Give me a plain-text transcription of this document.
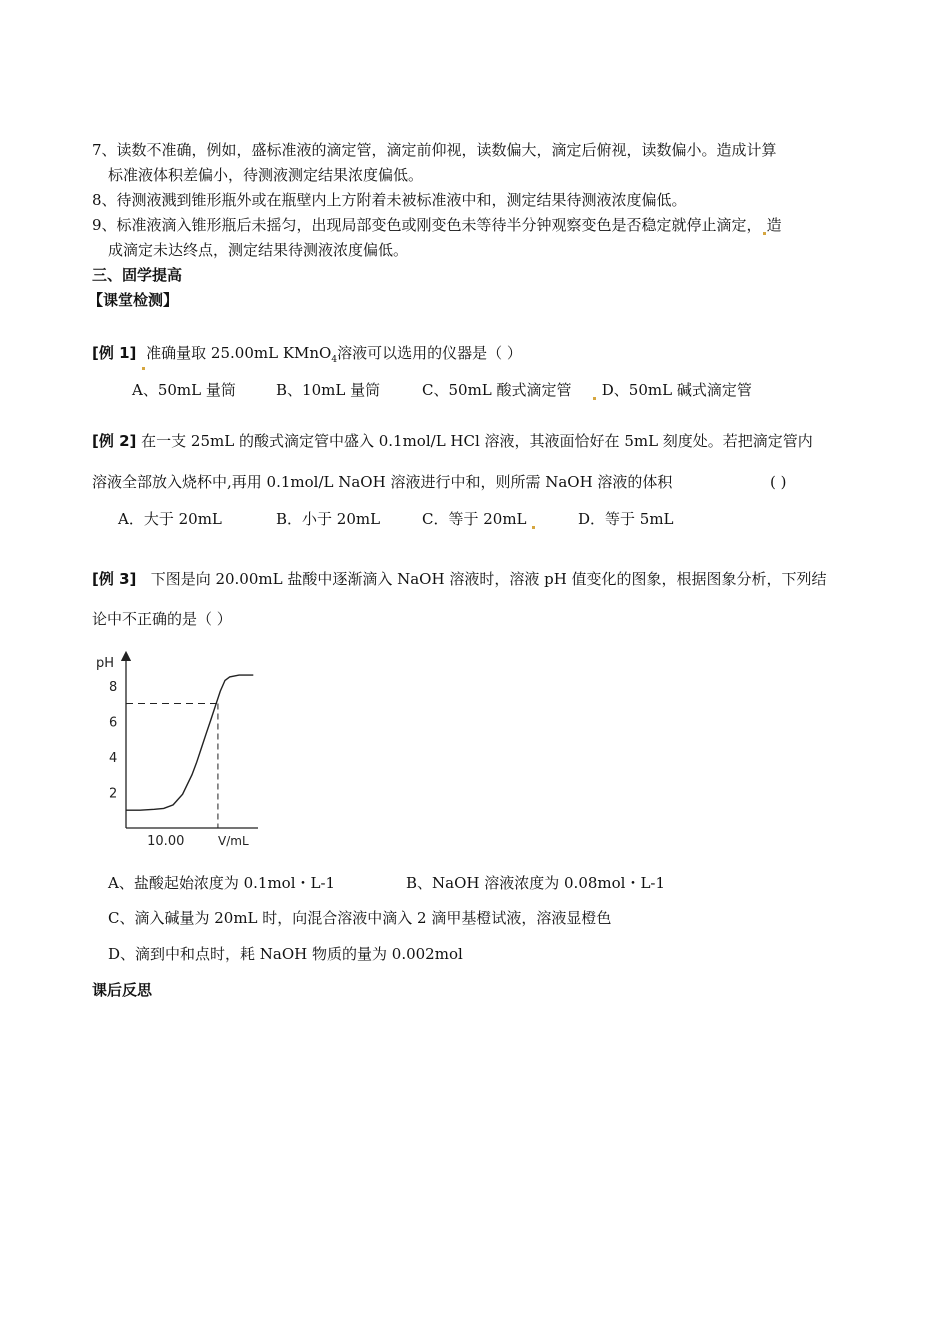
7、读数不准确，例如，盛标准液的滴定管，滴定前仰视，读数偏大，滴定后俯视，读数偏小。造成计算
标准液体积差偏小，待测液测定结果浓度偏低。
8、待测液溅到锥形瓶外或在瓶壁内上方附着未被标准液中和，测定结果待测液浓度偏低。
9、标准液滴入锥形瓶后未摇匀，出现局部变色或刚变色未等待半分钟观察变色是否稳定就停止滴定， 造
成滴定未达终点，测定结果待测液浓度偏低。
三、固学提高
【课堂检测】
[例 1] 准确量取 25.00mL KMnO$_4$溶液可以选用的仪器是（ ）
A、50mL 量筒	B、10mL 量筒	C、50mL 酸式滴定管	D、50mL 碱式滴定管
[例 2] 在一支 25mL 的酸式滴定管中盛入 0.1mol/L HCl 溶液，其液面恰好在 5mL 刻度处。若把滴定管内
溶液全部放入烧杯中,再用 0.1mol/L NaOH 溶液进行中和，则所需 NaOH 溶液的体积	( )
A．大于 20mL	B．小于 20mL	C．等于 20mL	D．等于 5mL
[例 3] 下图是向 20.00mL 盐酸中逐渐滴入 NaOH 溶液时，溶液 pH 值变化的图象，根据图象分析，下列结
论中不正确的是（ ）
pH
V/mL
2
4
6
8
10.00
A、盐酸起始浓度为 0.1mol・L-1	B、NaOH 溶液浓度为 0.08mol・L-1
C、滴入碱量为 20mL 时，向混合溶液中滴入 2 滴甲基橙试液，溶液显橙色
D、滴到中和点时，耗 NaOH 物质的量为 0.002mol
课后反思
